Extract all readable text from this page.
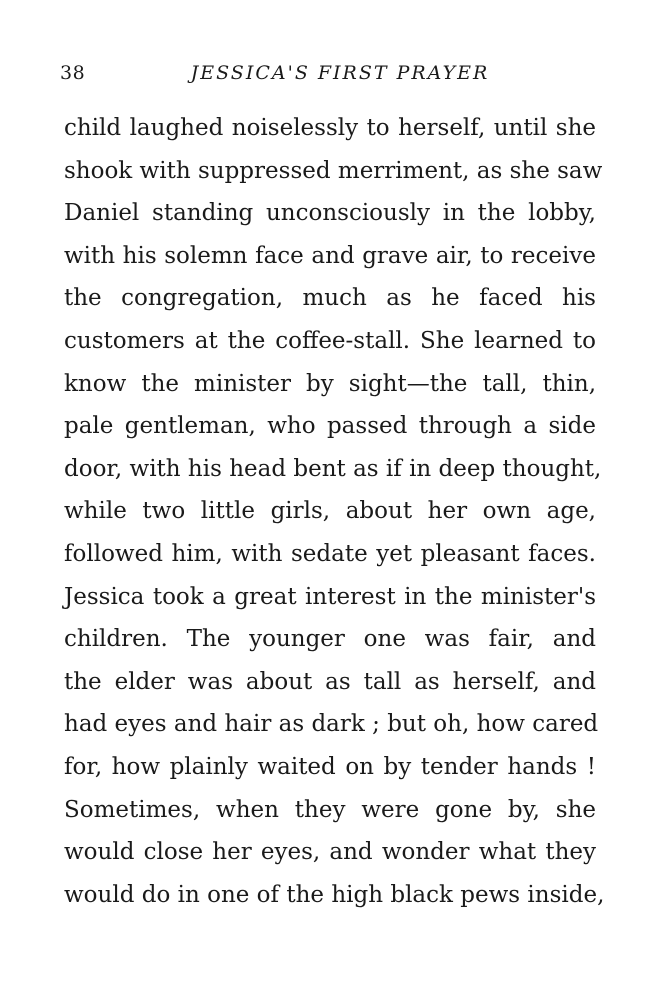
38	JESSICA'S FIRST PRAYER
child laughed noiselessly to herself, until she
shook with suppressed merriment, as she saw
Daniel standing unconsciously in the lobby,
with his solemn face and grave air, to receive
the congregation, much as he faced his
customers at the coffee-stall. She learned to
know the minister by sight—the tall, thin,
pale gentleman, who passed through a side
door, with his head bent as if in deep thought,
while two little girls, about her own age,
followed him, with sedate yet pleasant faces.
Jessica took a great interest in the minister's
children. The younger one was fair, and
the elder was about as tall as herself, and
had eyes and hair as dark ; but oh, how cared
for, how plainly waited on by tender hands !
Sometimes, when they were gone by, she
would close her eyes, and wonder what they
would do in one of the high black pews inside,
